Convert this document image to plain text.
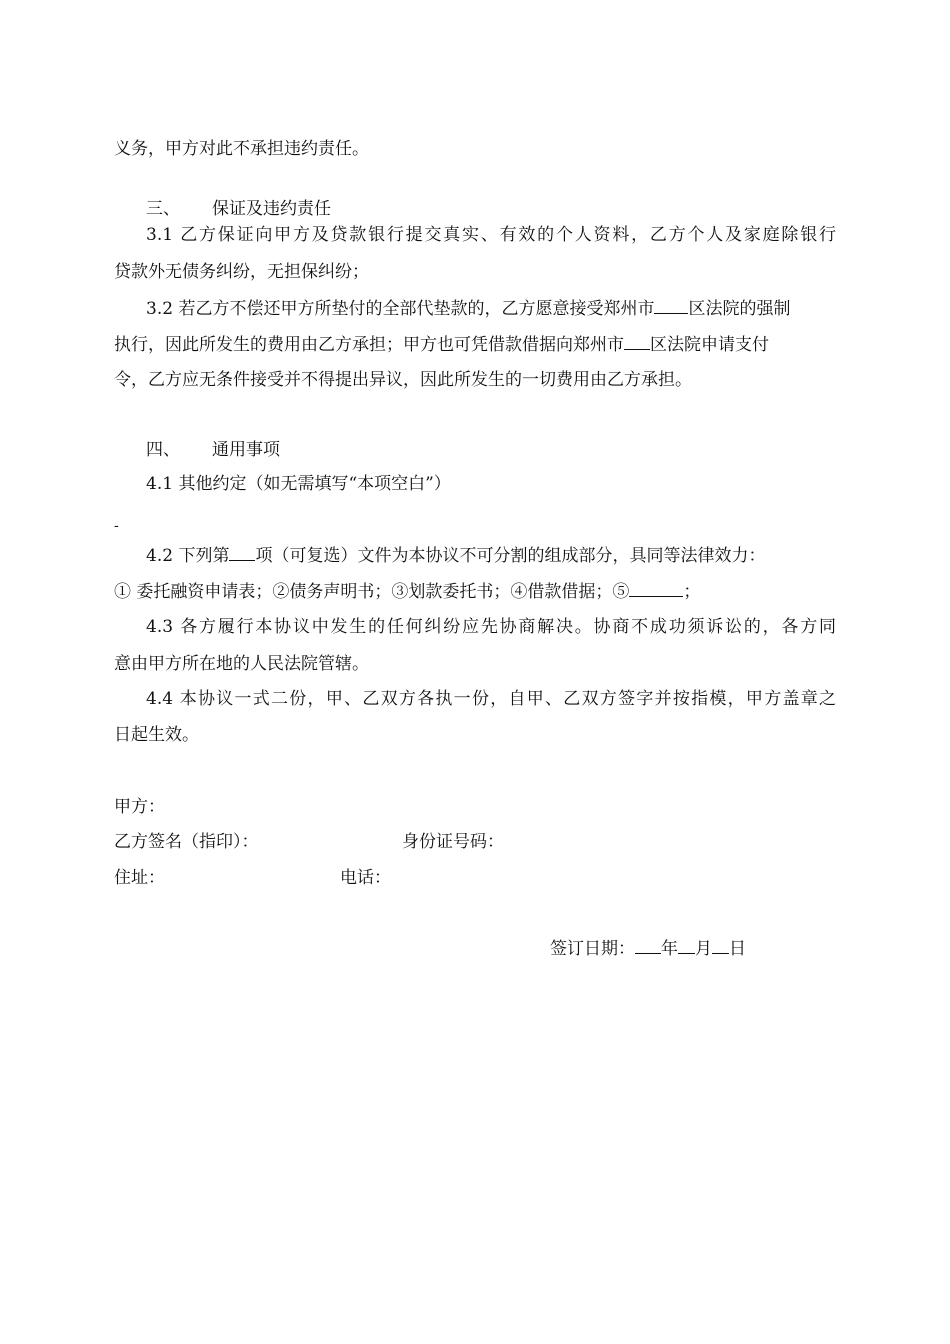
义务，甲方对此不承担违约责任。
三、 保证及违约责任
3.1 乙方保证向甲方及贷款银行提交真实、有效的个人资料，乙方个人及家庭除银行
贷款外无债务纠纷，无担保纠纷；
3.2 若乙方不偿还甲方所垫付的全部代垫款的，乙方愿意接受郑州市 区法院的强制
执行，因此所发生的费用由乙方承担；甲方也可凭借款借据向郑州市 区法院申请支付
令，乙方应无条件接受并不得提出异议，因此所发生的一切费用由乙方承担。
四、 通用事项
4.1 其他约定（如无需填写“本项空白”）
-
4.2 下列第 项（可复选）文件为本协议不可分割的组成部分，具同等法律效力：
① 委托融资申请表；②债务声明书；③划款委托书；④借款借据；⑤	；
4.3 各方履行本协议中发生的任何纠纷应先协商解决。协商不成功须诉讼的，各方同
意由甲方所在地的人民法院管辖。
4.4 本协议一式二份，甲、乙双方各执一份，自甲、乙双方签字并按指模，甲方盖章之
日起生效。
甲方：
乙方签名（指印）：	身份证号码：
住址：	电话：
签订日期： 年 月 日
